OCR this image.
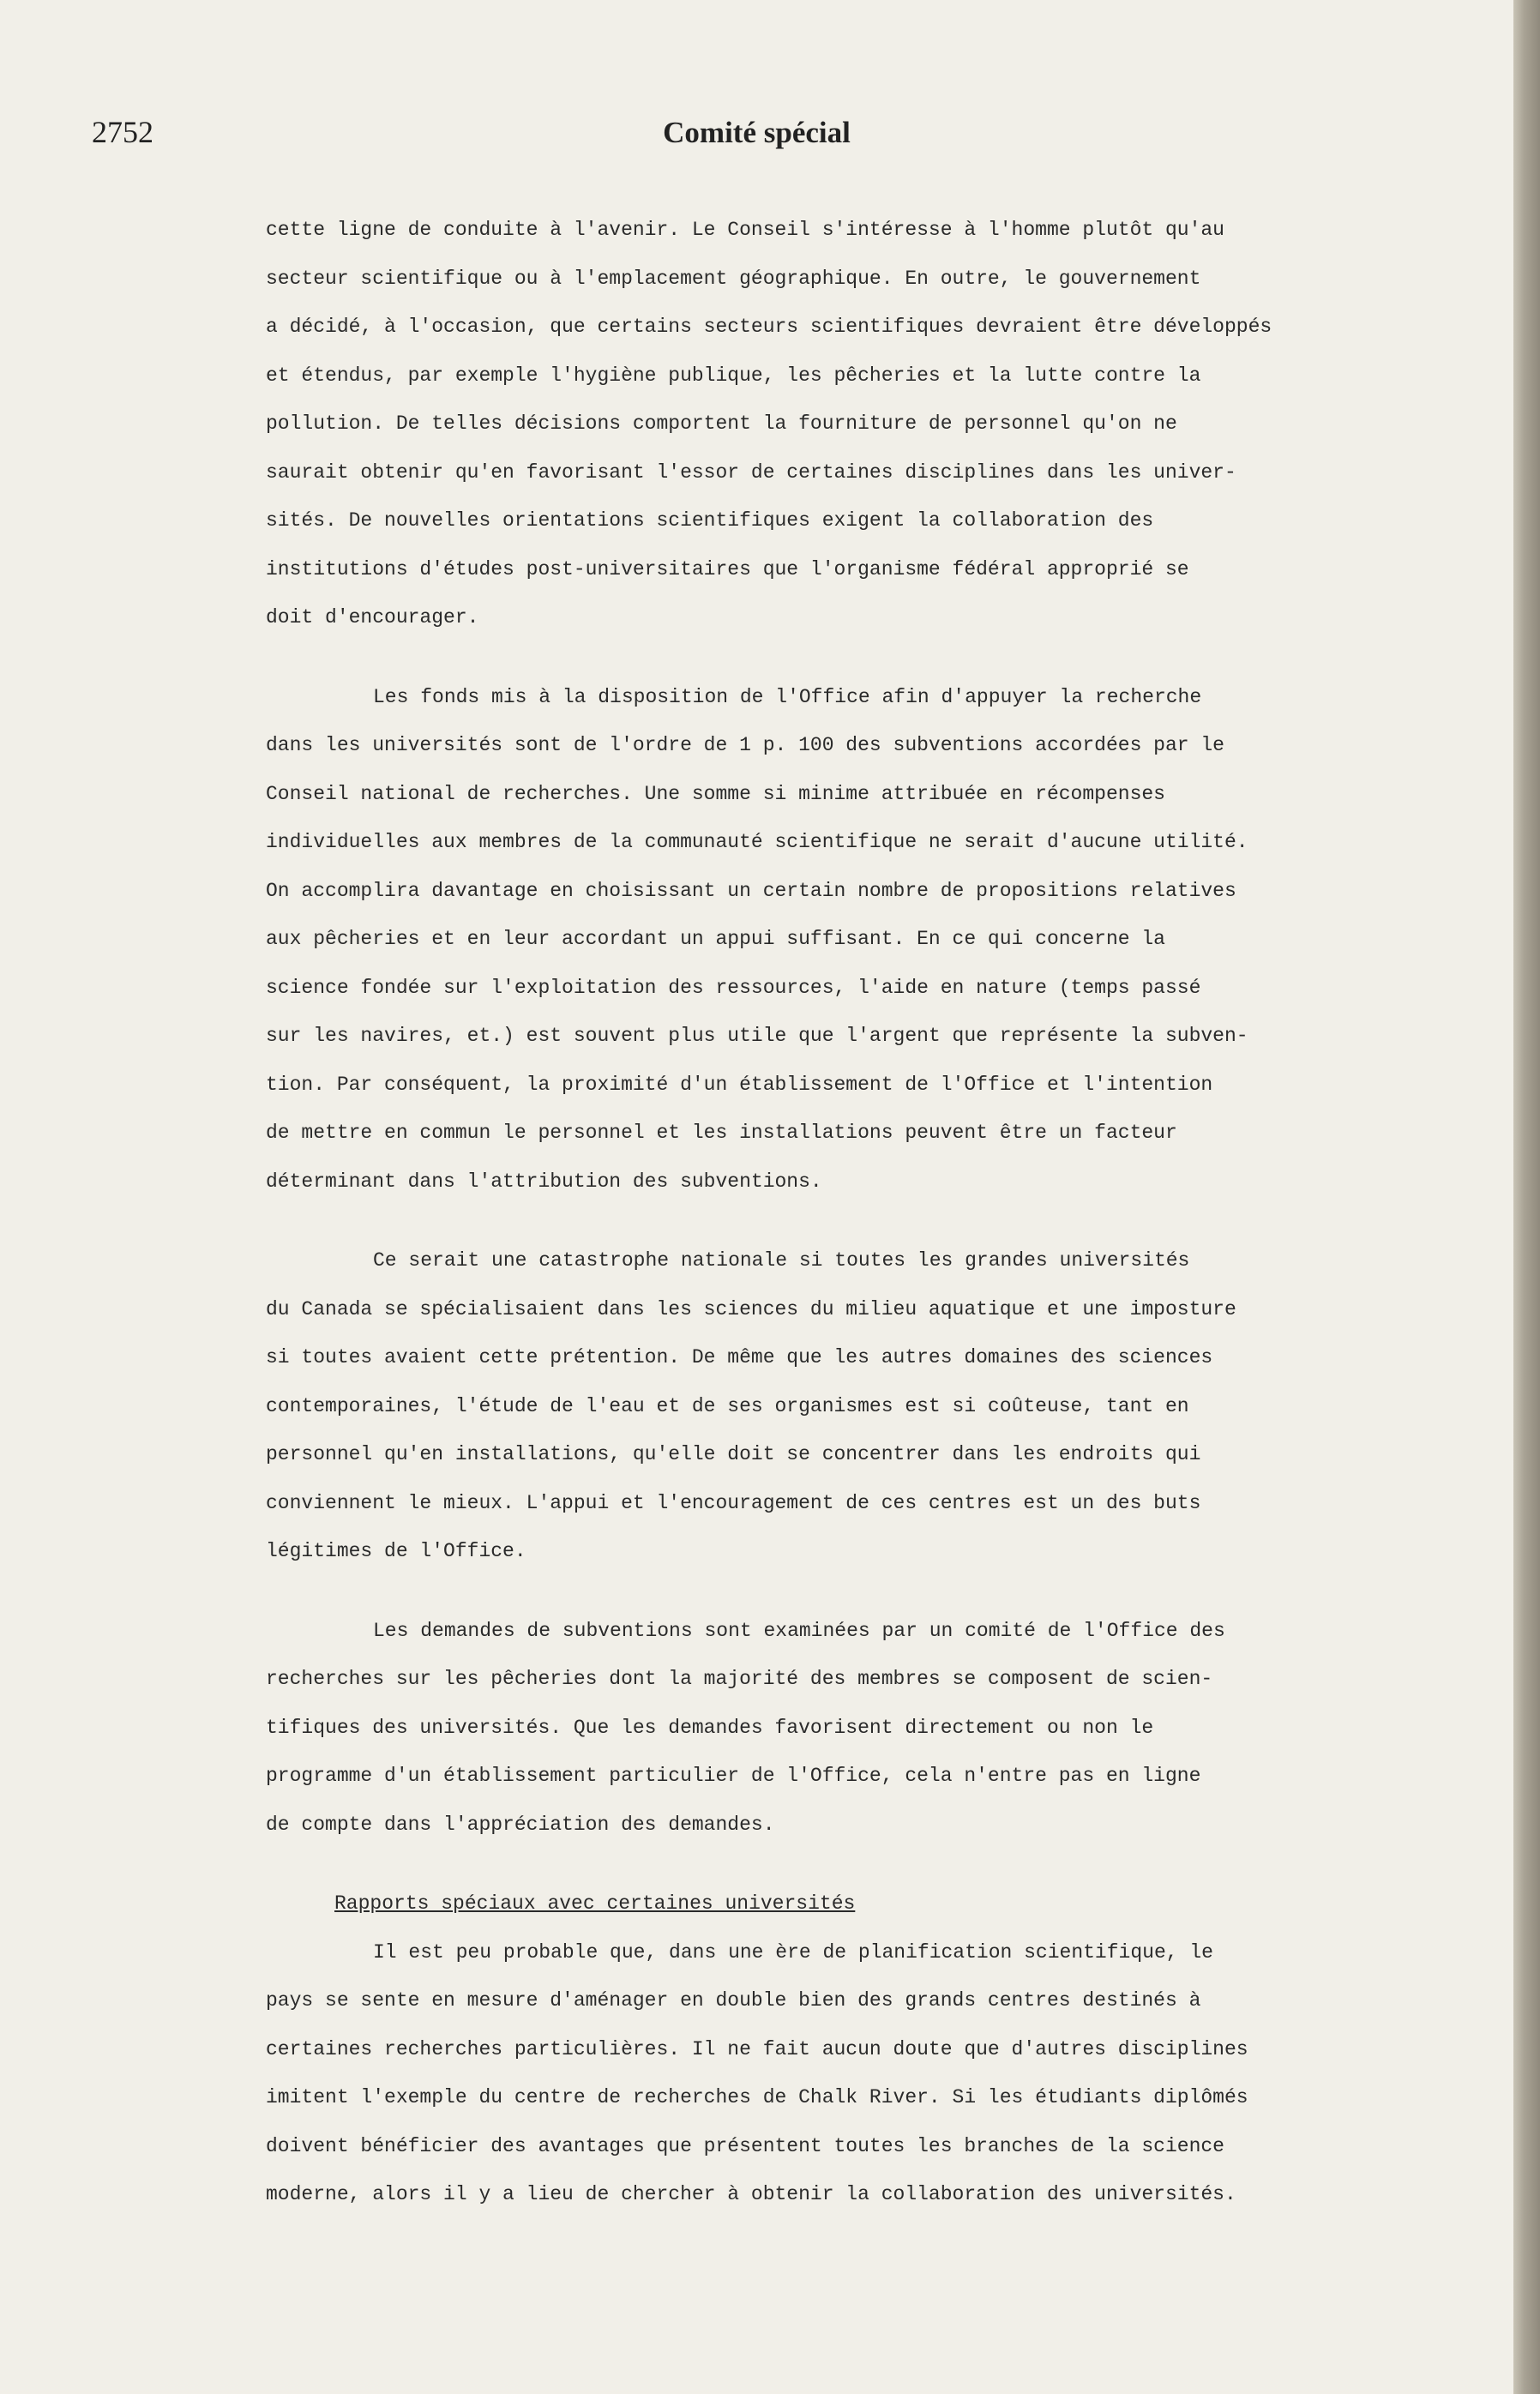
2752	Comité spécial

cette ligne de conduite à l'avenir. Le Conseil s'intéresse à l'homme plutôt qu'au
secteur scientifique ou à l'emplacement géographique. En outre, le gouvernement
a décidé, à l'occasion, que certains secteurs scientifiques devraient être développés
et étendus, par exemple l'hygiène publique, les pêcheries et la lutte contre la
pollution. De telles décisions comportent la fourniture de personnel qu'on ne
saurait obtenir qu'en favorisant l'essor de certaines disciplines dans les univer-
sités. De nouvelles orientations scientifiques exigent la collaboration des
institutions d'études post-universitaires que l'organisme fédéral approprié se
doit d'encourager.

Les fonds mis à la disposition de l'Office afin d'appuyer la recherche
dans les universités sont de l'ordre de 1 p. 100 des subventions accordées par le
Conseil national de recherches. Une somme si minime attribuée en récompenses
individuelles aux membres de la communauté scientifique ne serait d'aucune utilité.
On accomplira davantage en choisissant un certain nombre de propositions relatives
aux pêcheries et en leur accordant un appui suffisant. En ce qui concerne la
science fondée sur l'exploitation des ressources, l'aide en nature (temps passé
sur les navires, et.) est souvent plus utile que l'argent que représente la subven-
tion. Par conséquent, la proximité d'un établissement de l'Office et l'intention
de mettre en commun le personnel et les installations peuvent être un facteur
déterminant dans l'attribution des subventions.

Ce serait une catastrophe nationale si toutes les grandes universités
du Canada se spécialisaient dans les sciences du milieu aquatique et une imposture
si toutes avaient cette prétention. De même que les autres domaines des sciences
contemporaines, l'étude de l'eau et de ses organismes est si coûteuse, tant en
personnel qu'en installations, qu'elle doit se concentrer dans les endroits qui
conviennent le mieux. L'appui et l'encouragement de ces centres est un des buts
légitimes de l'Office.

Les demandes de subventions sont examinées par un comité de l'Office des
recherches sur les pêcheries dont la majorité des membres se composent de scien-
tifiques des universités. Que les demandes favorisent directement ou non le
programme d'un établissement particulier de l'Office, cela n'entre pas en ligne
de compte dans l'appréciation des demandes.

Rapports spéciaux avec certaines universités

Il est peu probable que, dans une ère de planification scientifique, le
pays se sente en mesure d'aménager en double bien des grands centres destinés à
certaines recherches particulières. Il ne fait aucun doute que d'autres disciplines
imitent l'exemple du centre de recherches de Chalk River. Si les étudiants diplômés
doivent bénéficier des avantages que présentent toutes les branches de la science
moderne, alors il y a lieu de chercher à obtenir la collaboration des universités.
